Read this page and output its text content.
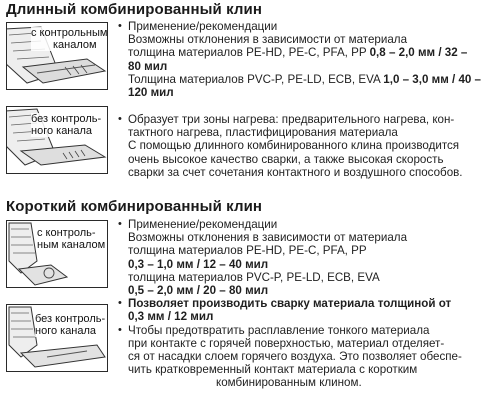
Длинный комбинированный клин
с контрольным
каналом
без контроль-
ного канала
• Применение/рекомендации
Возможны отклонения в зависимости от материала
толщина материалов PE-HD, PE-C, PFA, PP 0,8 – 2,0 мм / 32 –
80 мил
Толщина материалов PVC-P, PE-LD, ECB, EVA 1,0 – 3,0 мм / 40 –
120 мил
• Образует три зоны нагрева: предварительного нагрева, кон-
тактного нагрева, пластифицирования материала
С помощью длинного комбинированного клина производится
очень высокое качество сварки, а также высокая скорость
сварки за счет сочетания контактного и воздушного способов.
Короткий комбинированный клин
с контроль-
ным каналом
без контроль-
ного канала
• Применение/рекомендации
Возможны отклонения в зависимости от материала
толщина материалов PE-HD, PE-C, PFA, PP
0,3 – 1,0 мм / 12 – 40 мил
толщина материалов PVC-P, PE-LD, ECB, EVA
0,5 – 2,0 мм / 20 – 80 мил
• Позволяет производить сварку материала толщиной от
0,3 мм / 12 мил
• Чтобы предотвратить расплавление тонкого материала
при контакте с горячей поверхностью, материал отделяет-
ся от насадки слоем горячего воздуха. Это позволяет обеспе-
чить кратковременный контакт материала с коротким
комбинированным клином.
